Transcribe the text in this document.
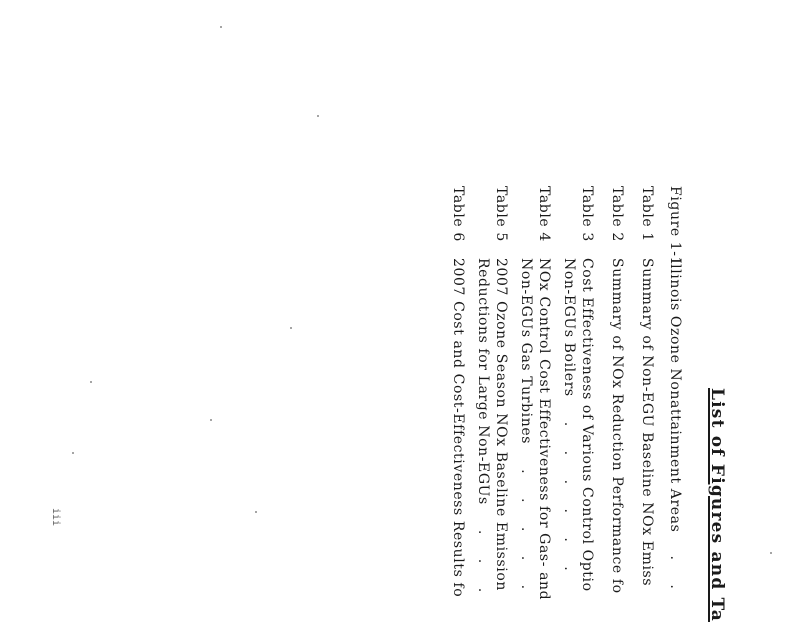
List of Figures and Ta
Figure 1-1
Table 1
Table 2
Table 3
Table 4
Table 5
Table 6
Illinois Ozone Nonattainment Areas . .
Summary of Non-EGU Baseline NOx Emiss
Summary of NOx Reduction Performance fo
Cost Effectiveness of Various Control Optio
NOx Control Cost Effectiveness for Gas- and
2007 Ozone Season NOx Baseline Emission
2007 Cost and Cost-Effectiveness Results fo	Non-EGUs Boilers . . . . . .
Non-EGUs Gas Turbines . . . . .
Reductions for Large Non-EGUs . . .
iii
